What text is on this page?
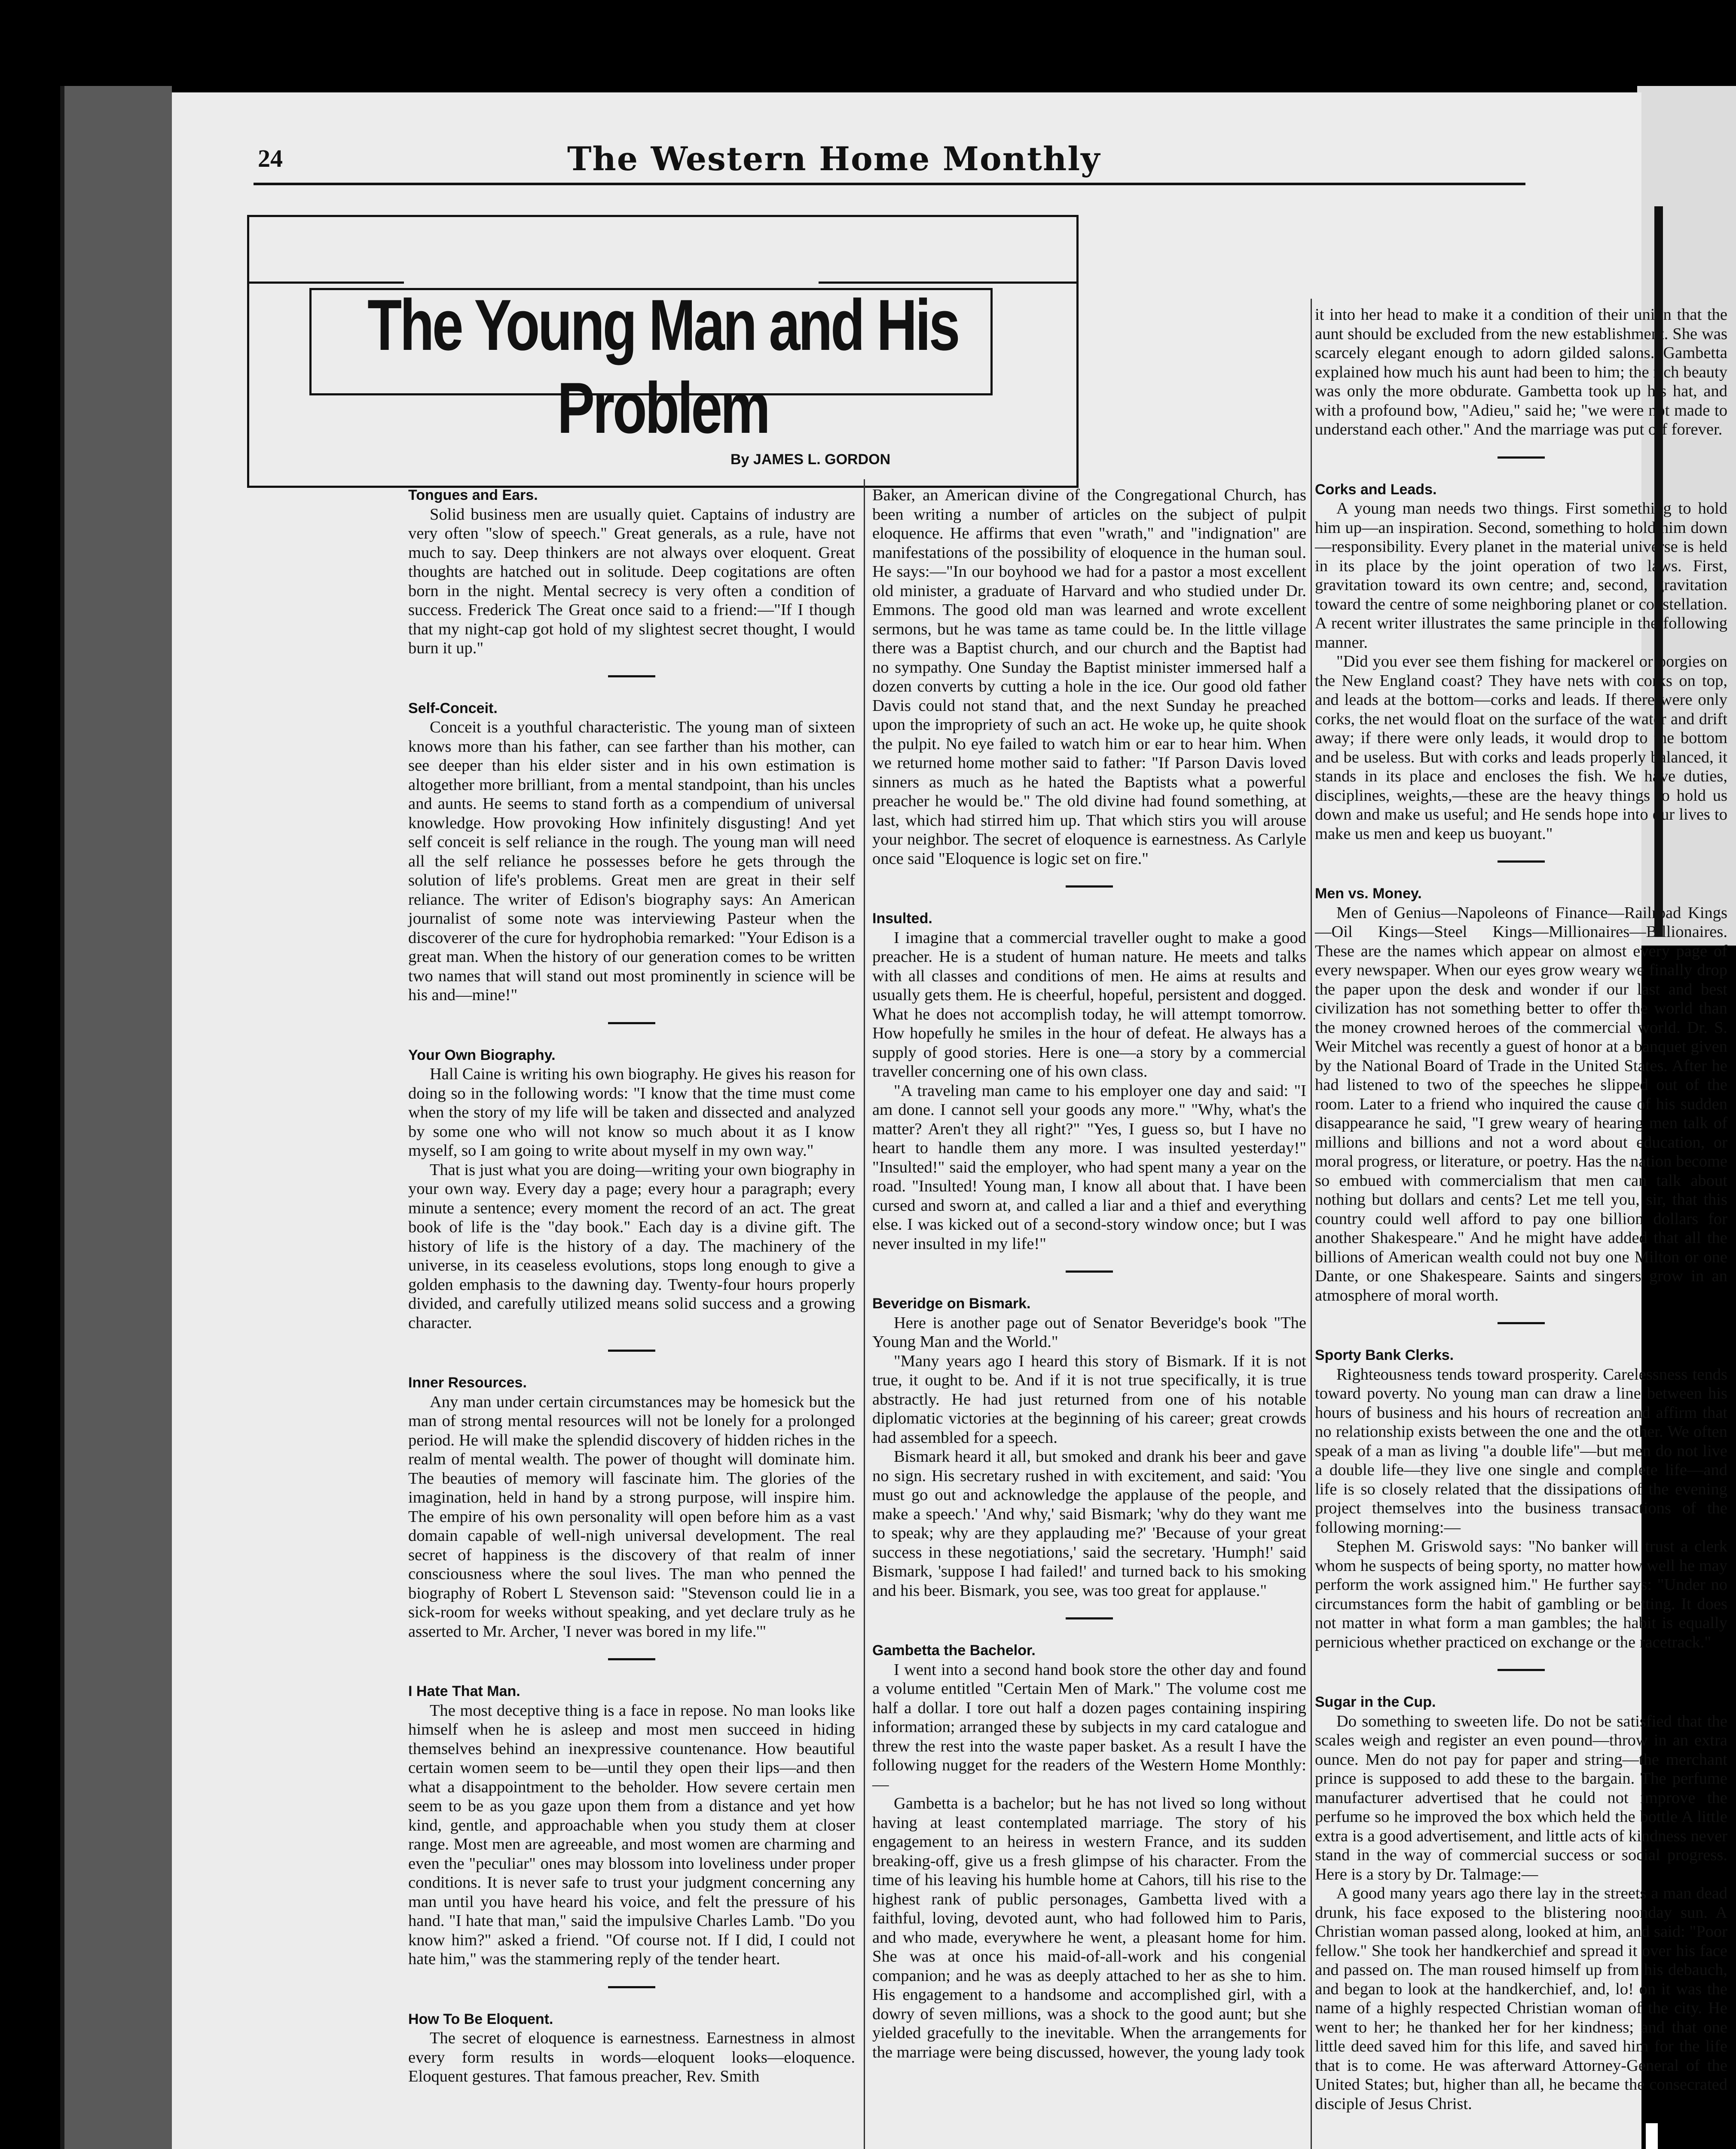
24	The Western Home Monthly
The Young Man and His Problem
By JAMES L. GORDON
Tongues and Ears.

Solid business men are usually quiet. Captains of industry are very often "slow of speech." Great generals, as a rule, have not much to say. Deep thinkers are not always over eloquent. Great thoughts are hatched out in solitude. Deep cogitations are often born in the night. Mental secrecy is very often a condition of success. Frederick The Great once said to a friend:—"If I though that my night-cap got hold of my slightest secret thought, I would burn it up."

Self-Conceit.

Conceit is a youthful characteristic. The young man of sixteen knows more than his father, can see farther than his mother, can see deeper than his elder sister and in his own estimation is altogether more brilliant, from a mental standpoint, than his uncles and aunts. He seems to stand forth as a compendium of universal knowledge. How provoking How infinitely disgusting! And yet self conceit is self reliance in the rough. The young man will need all the self reliance he possesses before he gets through the solution of life's problems. Great men are great in their self reliance. The writer of Edison's biography says: An American journalist of some note was interviewing Pasteur when the discoverer of the cure for hydrophobia remarked: "Your Edison is a great man. When the history of our generation comes to be written two names that will stand out most prominently in science will be his and—mine!"

Your Own Biography.

Hall Caine is writing his own biography. He gives his reason for doing so in the following words: "I know that the time must come when the story of my life will be taken and dissected and analyzed by some one who will not know so much about it as I know myself, so I am going to write about myself in my own way."

That is just what you are doing—writing your own biography in your own way. Every day a page; every hour a paragraph; every minute a sentence; every moment the record of an act. The great book of life is the "day book." Each day is a divine gift. The history of life is the history of a day. The machinery of the universe, in its ceaseless evolutions, stops long enough to give a golden emphasis to the dawning day. Twenty-four hours properly divided, and carefully utilized means solid success and a growing character.

Inner Resources.

Any man under certain circumstances may be homesick but the man of strong mental resources will not be lonely for a prolonged period. He will make the splendid discovery of hidden riches in the realm of mental wealth. The power of thought will dominate him. The beauties of memory will fascinate him. The glories of the imagination, held in hand by a strong purpose, will inspire him. The empire of his own personality will open before him as a vast domain capable of well-nigh universal development. The real secret of happiness is the discovery of that realm of inner consciousness where the soul lives. The man who penned the biography of Robert L Stevenson said: "Stevenson could lie in a sick-room for weeks without speaking, and yet declare truly as he asserted to Mr. Archer, 'I never was bored in my life.'"

I Hate That Man.

The most deceptive thing is a face in repose. No man looks like himself when he is asleep and most men succeed in hiding themselves behind an inexpressive countenance. How beautiful certain women seem to be—until they open their lips—and then what a disappointment to the beholder. How severe certain men seem to be as you gaze upon them from a distance and yet how kind, gentle, and approachable when you study them at closer range. Most men are agreeable, and most women are charming and even the "peculiar" ones may blossom into loveliness under proper conditions. It is never safe to trust your judgment concerning any man until you have heard his voice, and felt the pressure of his hand. "I hate that man," said the impulsive Charles Lamb. "Do you know him?" asked a friend. "Of course not. If I did, I could not hate him," was the stammering reply of the tender heart.

How To Be Eloquent.

The secret of eloquence is earnestness. Earnestness in almost every form results in words—eloquent looks—eloquence. Eloquent gestures. That famous preacher, Rev. Smith

Baker, an American divine of the Congregational Church, has been writing a number of articles on the subject of pulpit eloquence. He affirms that even "wrath," and "indignation" are manifestations of the possibility of eloquence in the human soul. He says:—"In our boyhood we had for a pastor a most excellent old minister, a graduate of Harvard and who studied under Dr. Emmons. The good old man was learned and wrote excellent sermons, but he was tame as tame could be. In the little village there was a Baptist church, and our church and the Baptist had no sympathy. One Sunday the Baptist minister immersed half a dozen converts by cutting a hole in the ice. Our good old father Davis could not stand that, and the next Sunday he preached upon the impropriety of such an act. He woke up, he quite shook the pulpit. No eye failed to watch him or ear to hear him. When we returned home mother said to father: "If Parson Davis loved sinners as much as he hated the Baptists what a powerful preacher he would be." The old divine had found something, at last, which had stirred him up. That which stirs you will arouse your neighbor. The secret of eloquence is earnestness. As Carlyle once said "Eloquence is logic set on fire."

Insulted.

I imagine that a commercial traveller ought to make a good preacher. He is a student of human nature. He meets and talks with all classes and conditions of men. He aims at results and usually gets them. He is cheerful, hopeful, persistent and dogged. What he does not accomplish today, he will attempt tomorrow. How hopefully he smiles in the hour of defeat. He always has a supply of good stories. Here is one—a story by a commercial traveller concerning one of his own class.

"A traveling man came to his employer one day and said: "I am done. I cannot sell your goods any more." "Why, what's the matter? Aren't they all right?" "Yes, I guess so, but I have no heart to handle them any more. I was insulted yesterday!" "Insulted!" said the employer, who had spent many a year on the road. "Insulted! Young man, I know all about that. I have been cursed and sworn at, and called a liar and a thief and everything else. I was kicked out of a second-story window once; but I was never insulted in my life!"

Beveridge on Bismark.

Here is another page out of Senator Beveridge's book "The Young Man and the World."

"Many years ago I heard this story of Bismark. If it is not true, it ought to be. And if it is not true specifically, it is true abstractly. He had just returned from one of his notable diplomatic victories at the beginning of his career; great crowds had assembled for a speech.

Bismark heard it all, but smoked and drank his beer and gave no sign. His secretary rushed in with excitement, and said: 'You must go out and acknowledge the applause of the people, and make a speech.' 'And why,' said Bismark; 'why do they want me to speak; why are they applauding me?' 'Because of your great success in these negotiations,' said the secretary. 'Humph!' said Bismark, 'suppose I had failed!' and turned back to his smoking and his beer. Bismark, you see, was too great for applause."

Gambetta the Bachelor.

I went into a second hand book store the other day and found a volume entitled "Certain Men of Mark." The volume cost me half a dollar. I tore out half a dozen pages containing inspiring information; arranged these by subjects in my card catalogue and threw the rest into the waste paper basket. As a result I have the following nugget for the readers of the Western Home Monthly:—

Gambetta is a bachelor; but he has not lived so long without having at least contemplated marriage. The story of his engagement to an heiress in western France, and its sudden breaking-off, give us a fresh glimpse of his character. From the time of his leaving his humble home at Cahors, till his rise to the highest rank of public personages, Gambetta lived with a faithful, loving, devoted aunt, who had followed him to Paris, and who made, everywhere he went, a pleasant home for him. She was at once his maid-of-all-work and his congenial companion; and he was as deeply attached to her as she to him. His engagement to a handsome and accomplished girl, with a dowry of seven millions, was a shock to the good aunt; but she yielded gracefully to the inevitable. When the arrangements for the marriage were being discussed, however, the young lady took

it into her head to make it a condition of their union that the aunt should be excluded from the new establishment. She was scarcely elegant enough to adorn gilded salons. Gambetta explained how much his aunt had been to him; the rich beauty was only the more obdurate. Gambetta took up his hat, and with a profound bow, "Adieu," said he; "we were not made to understand each other." And the marriage was put off forever.

Corks and Leads.

A young man needs two things. First something to hold him up—an inspiration. Second, something to hold him down—responsibility. Every planet in the material universe is held in its place by the joint operation of two laws. First, gravitation toward its own centre; and, second, gravitation toward the centre of some neighboring planet or constellation. A recent writer illustrates the same principle in the following manner.

"Did you ever see them fishing for mackerel or porgies on the New England coast? They have nets with corks on top, and leads at the bottom—corks and leads. If there were only corks, the net would float on the surface of the water and drift away; if there were only leads, it would drop to the bottom and be useless. But with corks and leads properly balanced, it stands in its place and encloses the fish. We have duties, disciplines, weights,—these are the heavy things to hold us down and make us useful; and He sends hope into our lives to make us men and keep us buoyant."

Men vs. Money.

Men of Genius—Napoleons of Finance—Railroad Kings—Oil Kings—Steel Kings—Millionaires—Billionaires. These are the names which appear on almost every page of every newspaper. When our eyes grow weary we finally drop the paper upon the desk and wonder if our last and best civilization has not something better to offer the world than the money crowned heroes of the commercial world. Dr. S. Weir Mitchel was recently a guest of honor at a banquet given by the National Board of Trade in the United States. After he had listened to two of the speeches he slipped out of the room. Later to a friend who inquired the cause of his sudden disappearance he said, "I grew weary of hearing men talk of millions and billions and not a word about education, or moral progress, or literature, or poetry. Has the nation become so embued with commercialism that men can talk about nothing but dollars and cents? Let me tell you, sir, that this country could well afford to pay one billion dollars for another Shakespeare." And he might have added that all the billions of American wealth could not buy one Milton or one Dante, or one Shakespeare. Saints and singers grow in an atmosphere of moral worth.

Sporty Bank Clerks.

Righteousness tends toward prosperity. Carelessness tends toward poverty. No young man can draw a line between his hours of business and his hours of recreation and affirm that no relationship exists between the one and the other. We often speak of a man as living "a double life"—but men do not live a double life—they live one single and complete life—and life is so closely related that the dissipations of the evening project themselves into the business transactions of the following morning:—

Stephen M. Griswold says: "No banker will trust a clerk whom he suspects of being sporty, no matter how well he may perform the work assigned him." He further says: "Under no circumstances form the habit of gambling or betting. It does not matter in what form a man gambles; the habit is equally pernicious whether practiced on exchange or the racetrack."

Sugar in the Cup.

Do something to sweeten life. Do not be satisfied that the scales weigh and register an even pound—throw in an extra ounce. Men do not pay for paper and string—the merchant prince is supposed to add these to the bargain. The perfume manufacturer advertised that he could not improve the perfume so he improved the box which held the bottle A little extra is a good advertisement, and little acts of kindness never stand in the way of commercial success or social progress. Here is a story by Dr. Talmage:—

A good many years ago there lay in the streets a man dead drunk, his face exposed to the blistering noonday sun. A Christian woman passed along, looked at him, and said: "Poor fellow." She took her handkerchief and spread it over his face and passed on. The man roused himself up from his debauch, and began to look at the handkerchief, and, lo! on it was the name of a highly respected Christian woman of the city. He went to her; he thanked her for her kindness; and that one little deed saved him for this life, and saved him for the life that is to come. He was afterward Attorney-General of the United States; but, higher than all, he became the consecrated disciple of Jesus Christ.
